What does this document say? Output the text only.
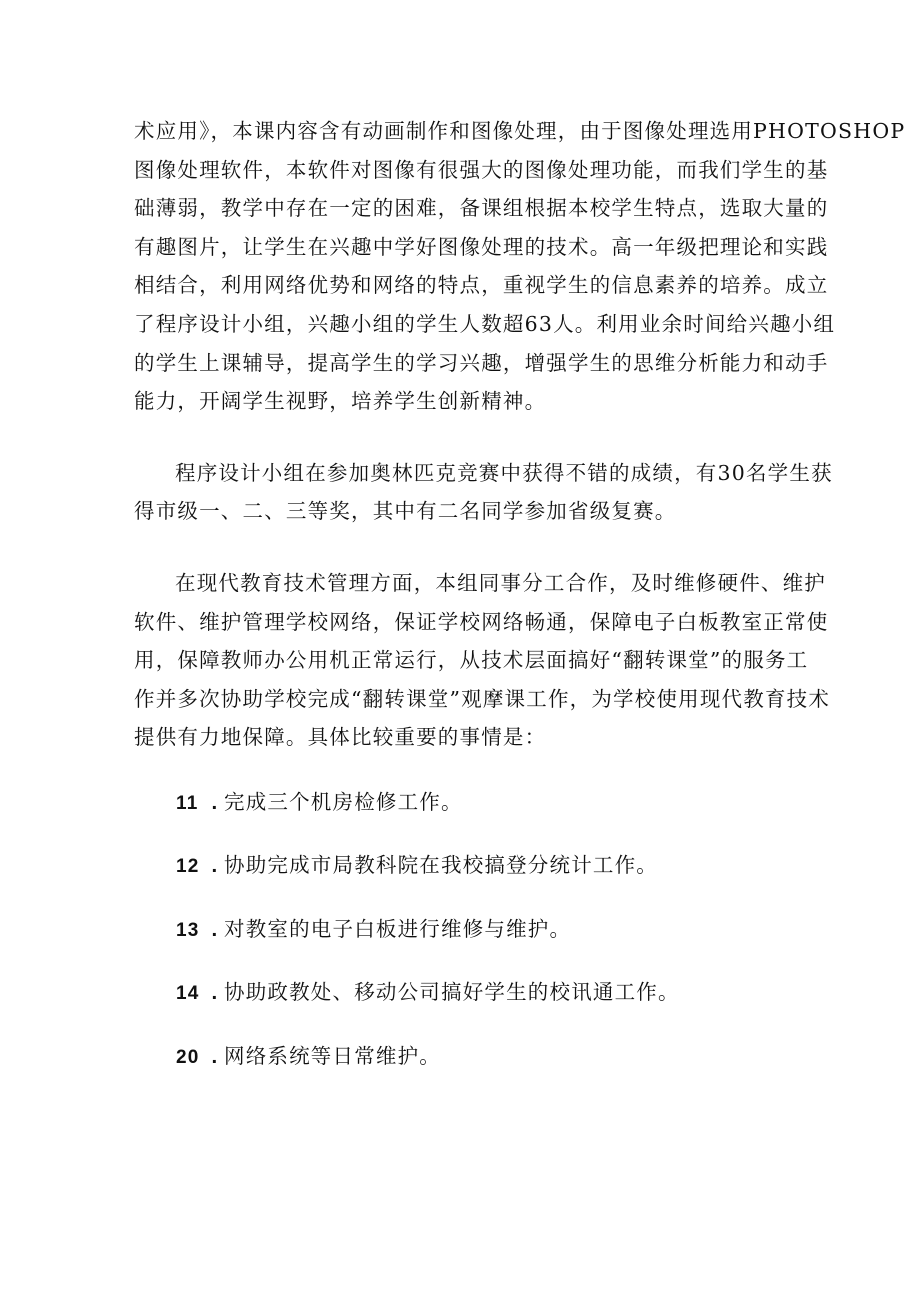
术应用》，本课内容含有动画制作和图像处理，由于图像处理选用PHOTOSHOP

图像处理软件，本软件对图像有很强大的图像处理功能，而我们学生的基

础薄弱，教学中存在一定的困难，备课组根据本校学生特点，选取大量的

有趣图片，让学生在兴趣中学好图像处理的技术。高一年级把理论和实践

相结合，利用网络优势和网络的特点，重视学生的信息素养的培养。成立

了程序设计小组，兴趣小组的学生人数超63人。利用业余时间给兴趣小组

的学生上课辅导，提高学生的学习兴趣，增强学生的思维分析能力和动手

能力，开阔学生视野，培养学生创新精神。

程序设计小组在参加奥林匹克竞赛中获得不错的成绩，有30名学生获

得市级一、二、三等奖，其中有二名同学参加省级复赛。

在现代教育技术管理方面，本组同事分工合作，及时维修硬件、维护

软件、维护管理学校网络，保证学校网络畅通，保障电子白板教室正常使

用，保障教师办公用机正常运行，从技术层面搞好“翻转课堂”的服务工

作并多次协助学校完成“翻转课堂”观摩课工作，为学校使用现代教育技术

提供有力地保障。具体比较重要的事情是：

11 . 完成三个机房检修工作。
12 . 协助完成市局教科院在我校搞登分统计工作。
13 . 对教室的电子白板进行维修与维护。
14 . 协助政教处、移动公司搞好学生的校讯通工作。
20 . 网络系统等日常维护。
